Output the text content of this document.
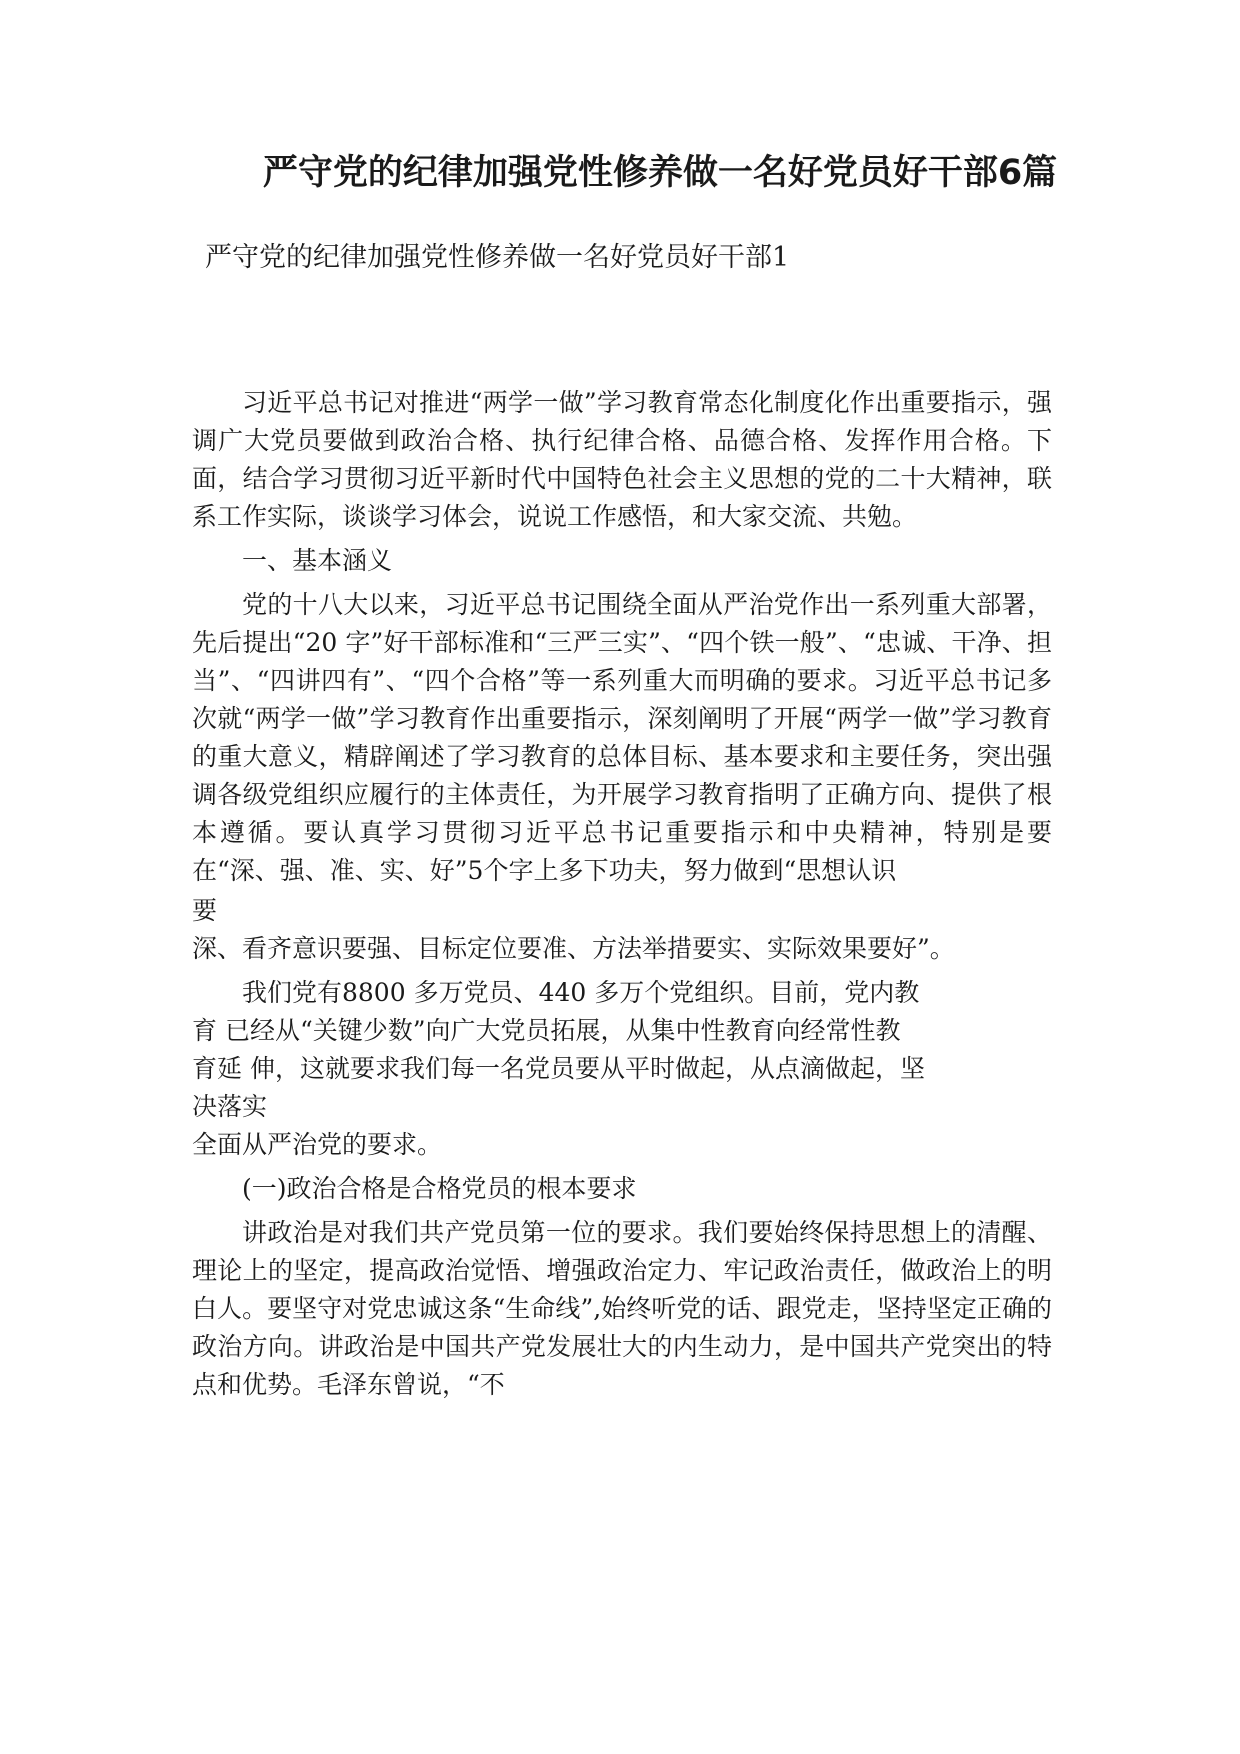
严守党的纪律加强党性修养做一名好党员好干部6篇

严守党的纪律加强党性修养做一名好党员好干部1

习近平总书记对推进“两学一做”学习教育常态化制度化作出重要指示，强调广大党员要做到政治合格、执行纪律合格、品德合格、发挥作用合格。下面，结合学习贯彻习近平新时代中国特色社会主义思想的党的二十大精神，联系工作实际，谈谈学习体会，说说工作感悟，和大家交流、共勉。

一、基本涵义

党的十八大以来，习近平总书记围绕全面从严治党作出一系列重大部署，先后提出“20 字”好干部标准和“三严三实”、“四个铁一般”、“忠诚、干净、担当”、“四讲四有”、“四个合格”等一系列重大而明确的要求。习近平总书记多次就“两学一做”学习教育作出重要指示，深刻阐明了开展“两学一做”学习教育的重大意义，精辟阐述了学习教育的总体目标、基本要求和主要任务，突出强调各级党组织应履行的主体责任，为开展学习教育指明了正确方向、提供了根本遵循。要认真学习贯彻习近平总书记重要指示和中央精神，特别是要在“深、强、准、实、好”5个字上多下功夫，努力做到“思想认识

要

深、看齐意识要强、目标定位要准、方法举措要实、实际效果要好”。

我们党有8800 多万党员、440 多万个党组织。目前，党内教

育 已经从“关键少数”向广大党员拓展，从集中性教育向经常性教

育延 伸，这就要求我们每一名党员要从平时做起，从点滴做起，坚

决落实

全面从严治党的要求。

(一)政治合格是合格党员的根本要求

讲政治是对我们共产党员第一位的要求。我们要始终保持思想上的清醒、理论上的坚定，提高政治觉悟、增强政治定力、牢记政治责任，做政治上的明白人。要坚守对党忠诚这条“生命线”,始终听党的话、跟党走，坚持坚定正确的政治方向。讲政治是中国共产党发展壮大的内生动力，是中国共产党突出的特点和优势。毛泽东曾说，“不
